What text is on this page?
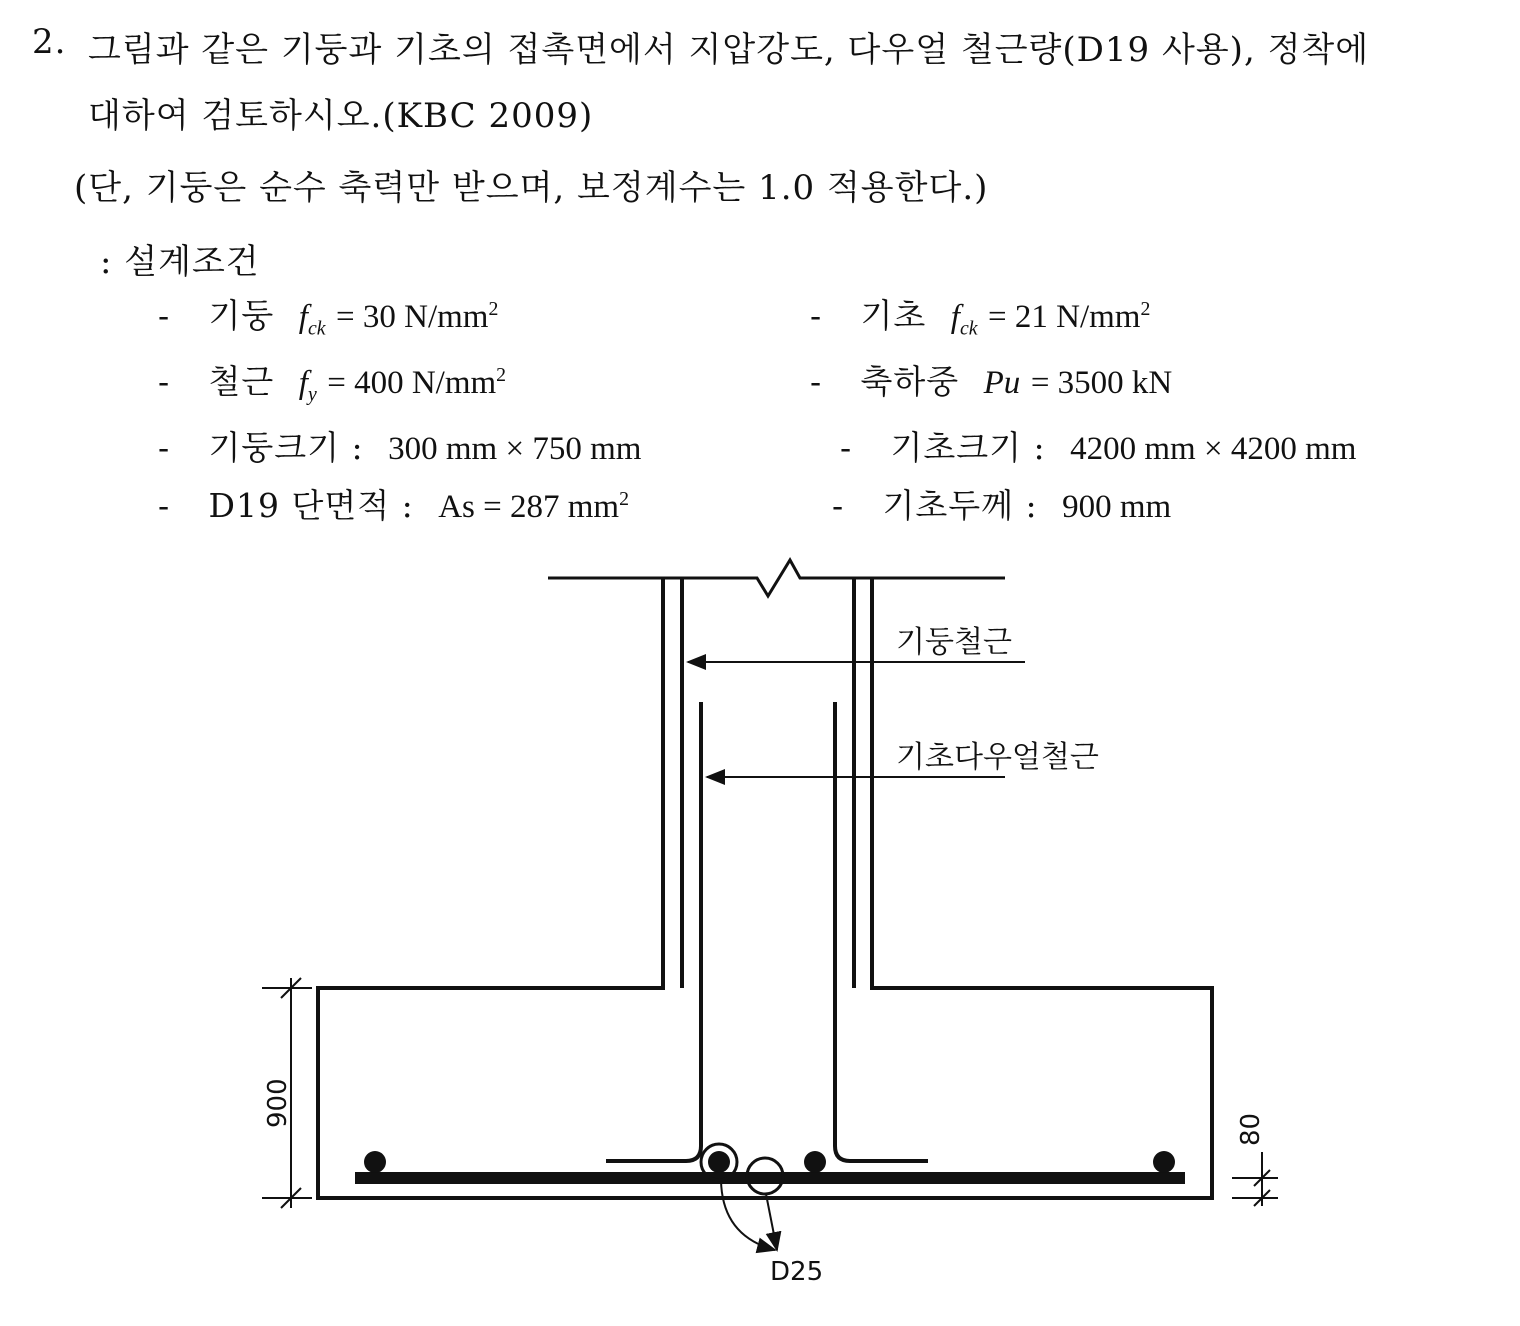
2. 그림과 같은 기둥과 기초의 접촉면에서 지압강도, 다우얼 철근량(D19 사용), 정착에
대하여 검토하시오.(KBC 2009)
(단, 기둥은 순수 축력만 받으며, 보정계수는 1.0 적용한다.)
: 설계조건
- 기둥 $f_{ck} = 30$ $N/mm^2$	- 기초 $f_{ck} = 21$ $N/mm^2$
- 철근 $f_y = 400$ $N/mm^2$	- 축하중 Pu = 3500 kN
- 기둥크기 : 300 mm × 750 mm	- 기초크기 : 4200 mm × 4200 mm
- D19 단면적 : As = 287 $mm^2$	- 기초두께 : 900 mm
기둥철근
기초다우얼철근
D25
900
80
